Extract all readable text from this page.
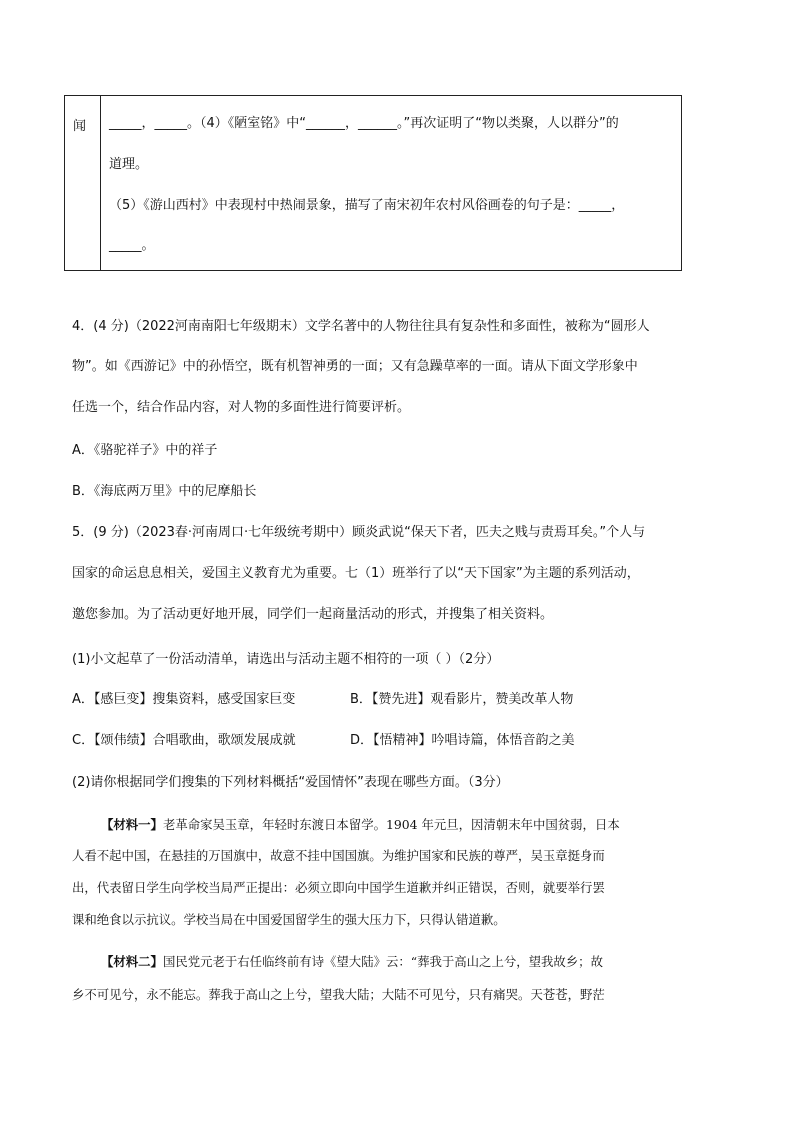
闻 _____，_____。（4）《陋室铭》中“______，______。”再次证明了“物以类聚，人以群分”的
道理。
（5）《游山西村》中表现村中热闹景象，描写了南宋初年农村风俗画卷的句子是：_____，
_____。
4．(4 分)（2022河南南阳七年级期末）文学名著中的人物往往具有复杂性和多面性，被称为“圆形人
物”。如《西游记》中的孙悟空，既有机智神勇的一面；又有急躁草率的一面。请从下面文学形象中
任选一个，结合作品内容，对人物的多面性进行简要评析。
A．《骆驼祥子》中的祥子
B．《海底两万里》中的尼摩船长
5．(9 分)（2023春·河南周口·七年级统考期中）顾炎武说“保天下者，匹夫之贱与责焉耳矣。”个人与
国家的命运息息相关，爱国主义教育尤为重要。七（1）班举行了以“天下国家”为主题的系列活动，
邀您参加。为了活动更好地开展，同学们一起商量活动的形式，并搜集了相关资料。
(1)小文起草了一份活动清单，请选出与活动主题不相符的一项（ ）（2分）
A．【感巨变】搜集资料，感受国家巨变	B．【赞先进】观看影片，赞美改革人物
C．【颂伟绩】合唱歌曲，歌颂发展成就	D．【悟精神】吟唱诗篇，体悟音韵之美
(2)请你根据同学们搜集的下列材料概括“爱国情怀”表现在哪些方面。（3分）
【材料一】老革命家吴玉章，年轻时东渡日本留学。1904 年元旦，因清朝末年中国贫弱，日本
人看不起中国，在悬挂的万国旗中，故意不挂中国国旗。为维护国家和民族的尊严，吴玉章挺身而
出，代表留日学生向学校当局严正提出：必须立即向中国学生道歉并纠正错误，否则，就要举行罢
课和绝食以示抗议。学校当局在中国爱国留学生的强大压力下，只得认错道歉。
【材料二】国民党元老于右任临终前有诗《望大陆》云：“葬我于高山之上兮，望我故乡；故
乡不可见兮，永不能忘。葬我于高山之上兮，望我大陆；大陆不可见兮，只有痛哭。天苍苍，野茫
